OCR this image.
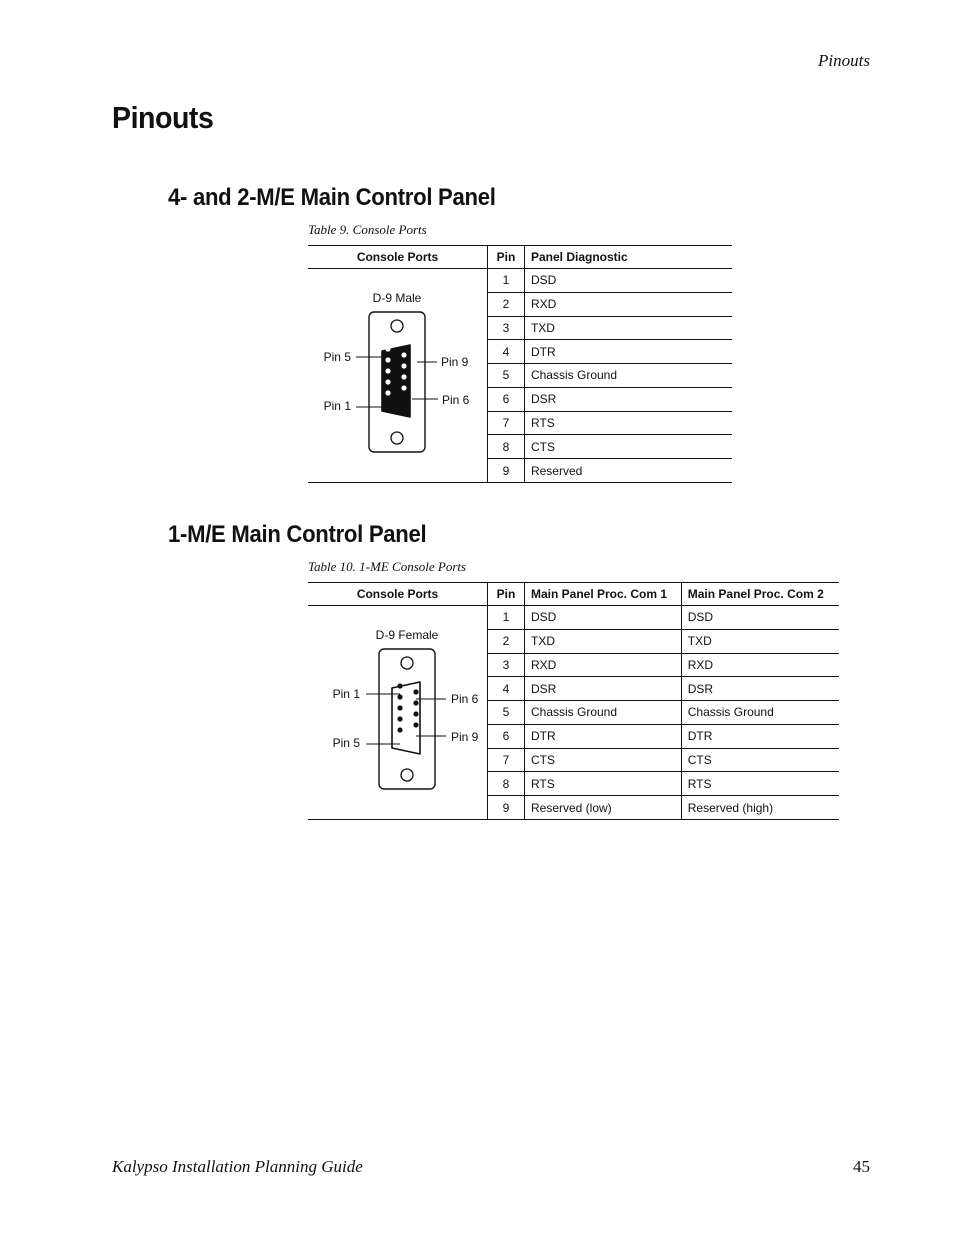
Pinouts
Pinouts
4- and 2-M/E Main Control Panel
Table 9. Console Ports
Console Ports	Pin	Panel Diagnostic

D-9 Male
Pin 5 Pin 9
Pin 1 Pin 6	1	DSD
	2	RXD
	3	TXD
	4	DTR
	5	Chassis Ground
	6	DSR
	7	RTS
	8	CTS
	9	Reserved
1-M/E Main Control Panel
Table 10. 1-ME Console Ports
Console Ports	Pin	Main Panel Proc. Com 1	Main Panel Proc. Com 2

D-9 Female
Pin 1 Pin 6
Pin 5 Pin 9	1	DSD	DSD
	2	TXD	TXD
	3	RXD	RXD
	4	DSR	DSR
	5	Chassis Ground	Chassis Ground
	6	DTR	DTR
	7	CTS	CTS
	8	RTS	RTS
	9	Reserved (low)	Reserved (high)
Kalypso Installation Planning Guide	45
